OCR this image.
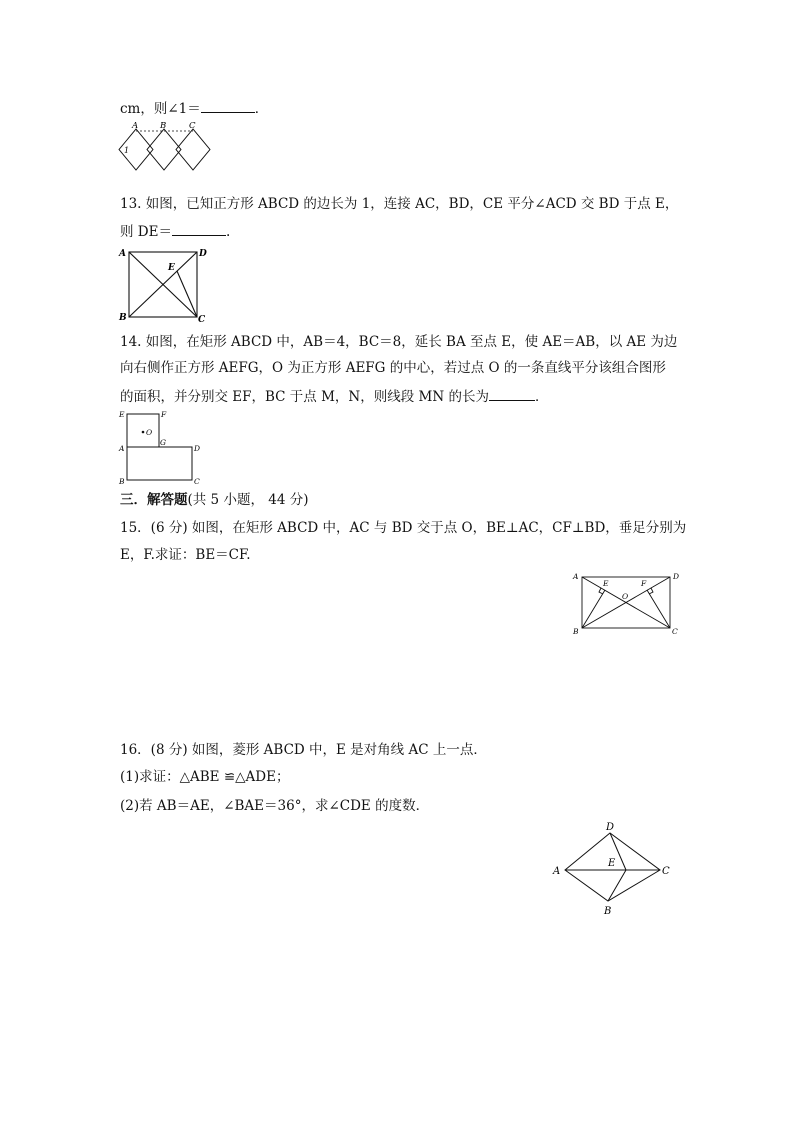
cm，则∠1＝	．
A	B	C
1
13. 如图，已知正方形 ABCD 的边长为 1，连接 AC，BD，CE 平分∠ACD 交 BD 于点 E，
则 DE＝	.
A	D
B	C
E
14. 如图，在矩形 ABCD 中，AB＝4，BC＝8，延长 BA 至点 E，使 AE＝AB，以 AE 为边
向右侧作正方形 AEFG，O 为正方形 AEFG 的中心，若过点 O 的一条直线平分该组合图形
的面积，并分别交 EF，BC 于点 M，N，则线段 MN 的长为	．
E	F
O
A
G
D
B	C
三．解答题(共 5 小题， 44 分)
15．(6 分) 如图，在矩形 ABCD 中，AC 与 BD 交于点 O，BE⊥AC，CF⊥BD，垂足分别为
E，F.求证：BE＝CF.
A
E	F
D
O
B	C
16．(8 分) 如图，菱形 ABCD 中，E 是对角线 AC 上一点．
(1)求证：△ABE ≌△ADE；
(2)若 AB＝AE，∠BAE＝36°，求∠CDE 的度数．
D
A
E
C
B
